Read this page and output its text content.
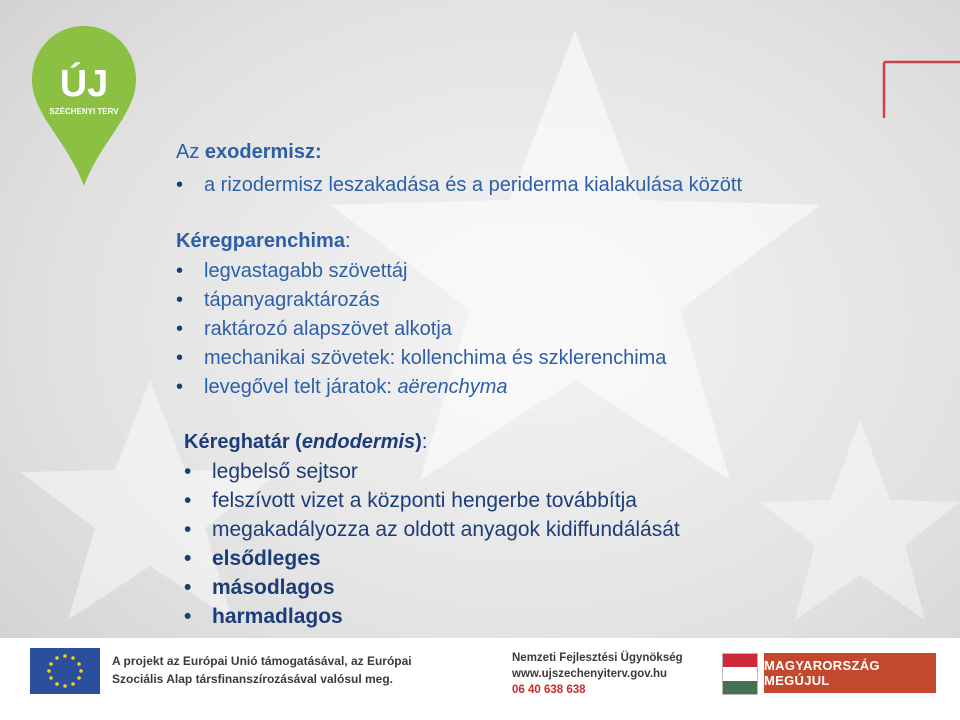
ÚJ
SZÉCHENYI TERV

Az exodermisz:

• a rizodermisz leszakadása és a periderma kialakulása között

Kéregparenchima:

• legvastagabb szövettáj
• tápanyagraktározás
• raktározó alapszövet alkotja
• mechanikai szövetek: kollenchima és szklerenchima
• levegővel telt járatok: aërenchyma

Kéreghatár (endodermis):

• legbelső sejtsor
• felszívott vizet a központi hengerbe továbbítja
• megakadályozza az oldott anyagok kidiffundálását
• elsődleges
• másodlagos
• harmadlagos
A projekt az Európai Unió támogatásával, az Európai
Szociális Alap társfinanszírozásával valósul meg.
Nemzeti Fejlesztési Ügynökség
www.ujszechenyiterv.gov.hu
06 40 638 638
MAGYARORSZÁG MEGÚJUL
